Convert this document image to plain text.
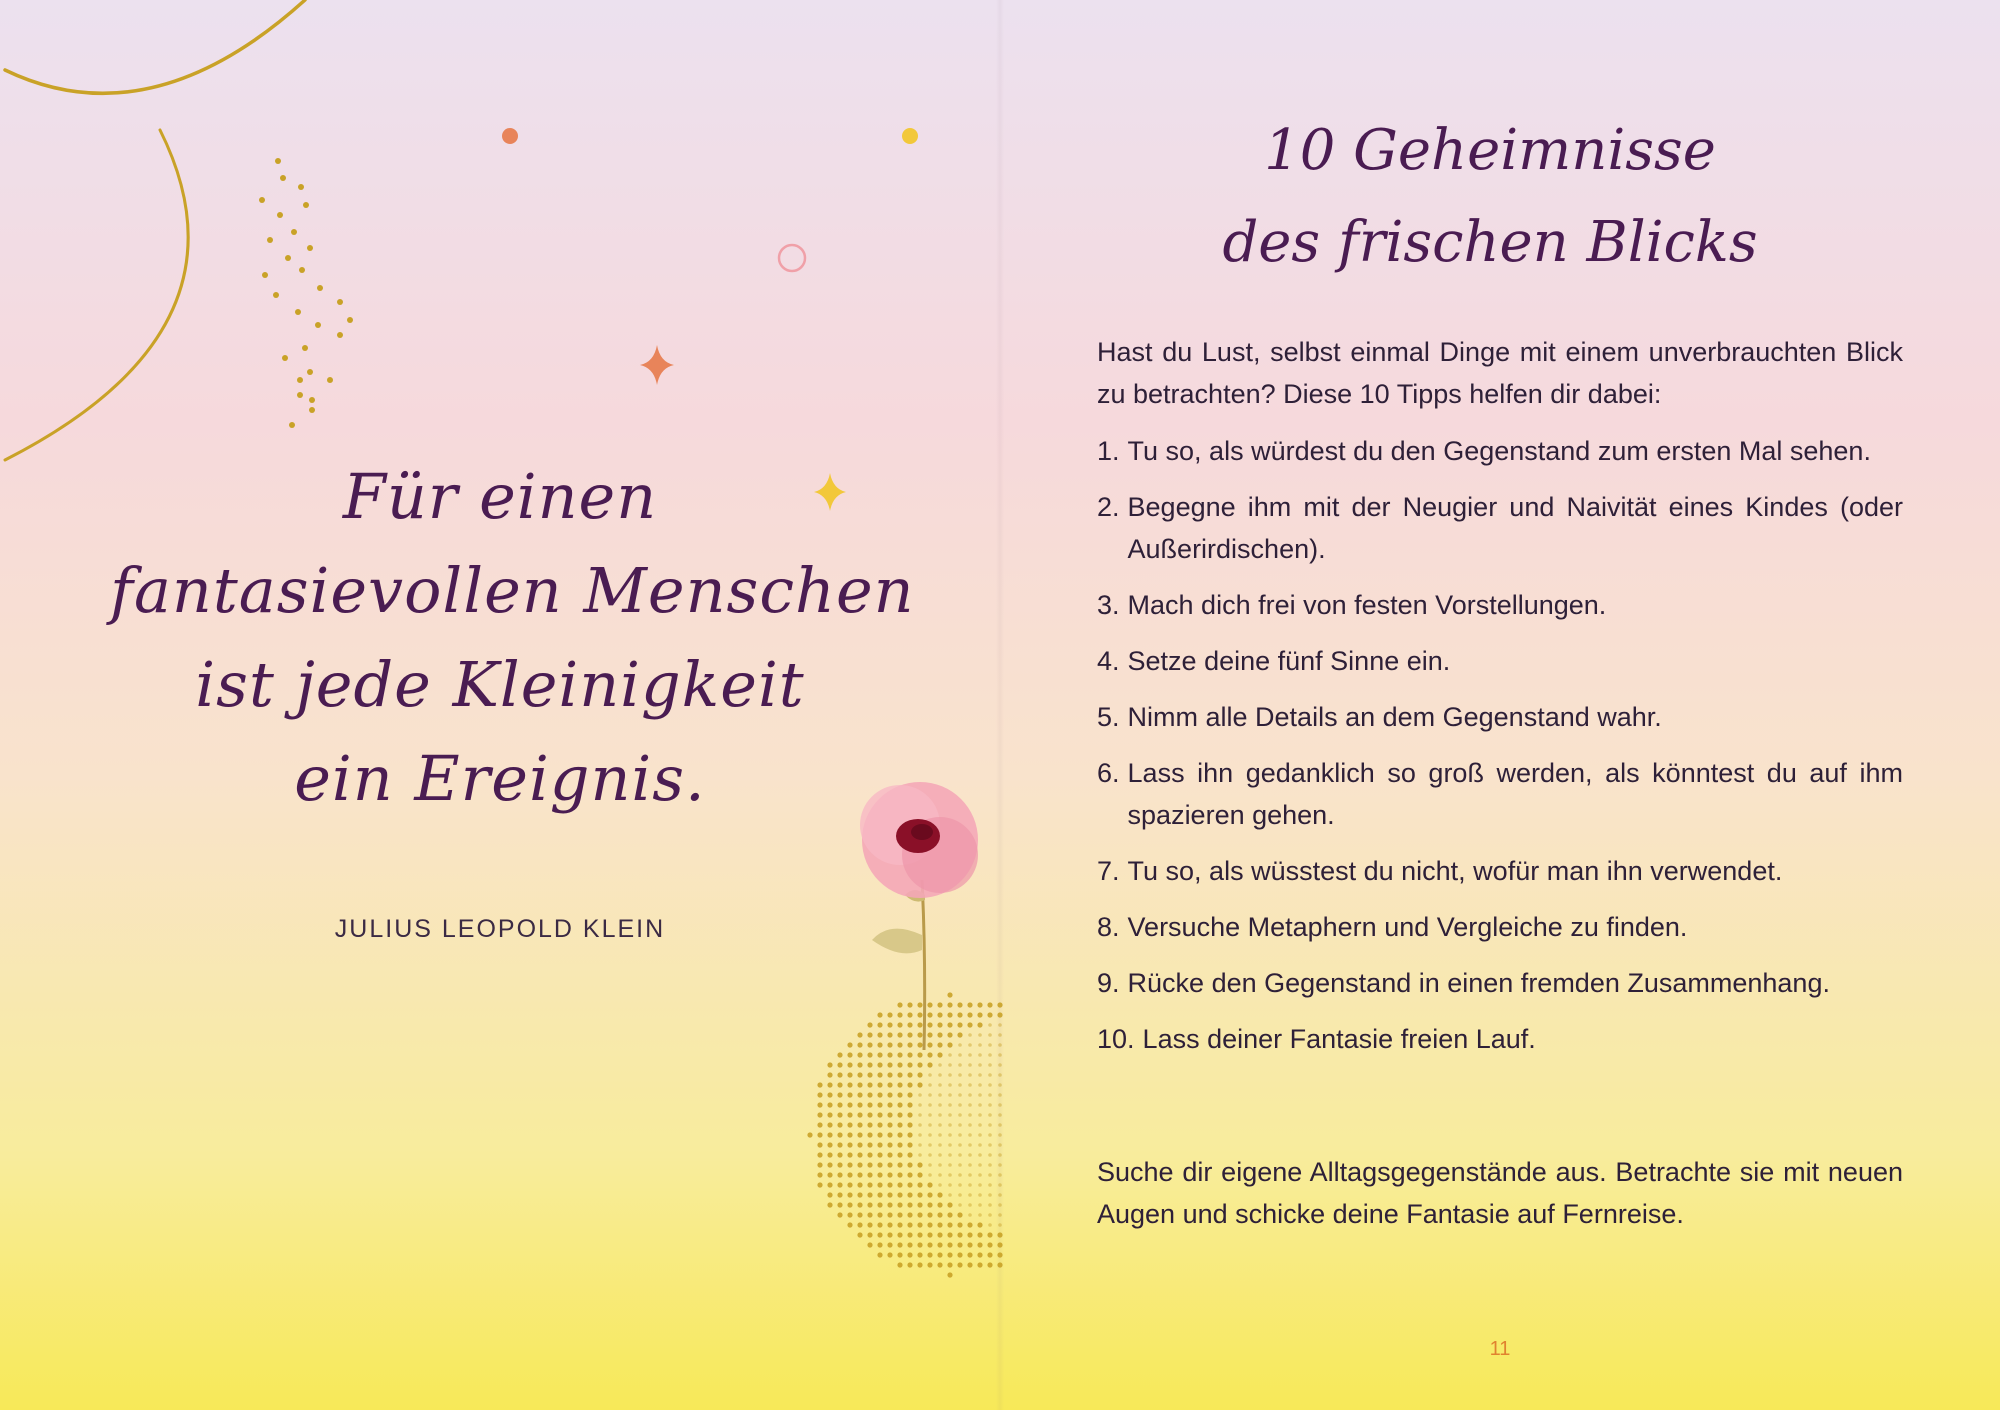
Für einen
fantasievollen Menschen
ist jede Kleinigkeit
ein Ereignis.
JULIUS LEOPOLD KLEIN
10 Geheimnisse
des frischen Blicks

Hast du Lust, selbst einmal Dinge mit einem unverbrauchten Blick zu betrachten? Diese 10 Tipps helfen dir dabei:

1. Tu so, als würdest du den Gegenstand zum ersten Mal sehen.
2. Begegne ihm mit der Neugier und Naivität eines Kindes (oder Außerirdischen).
3. Mach dich frei von festen Vorstellungen.
4. Setze deine fünf Sinne ein.
5. Nimm alle Details an dem Gegenstand wahr.
6. Lass ihn gedanklich so groß werden, als könntest du auf ihm spazieren gehen.
7. Tu so, als wüsstest du nicht, wofür man ihn verwendet.
8. Versuche Metaphern und Vergleiche zu finden.
9. Rücke den Gegenstand in einen fremden Zusammenhang.
10. Lass deiner Fantasie freien Lauf.

Suche dir eigene Alltagsgegenstände aus. Betrachte sie mit neuen Augen und schicke deine Fantasie auf Fernreise.

11
